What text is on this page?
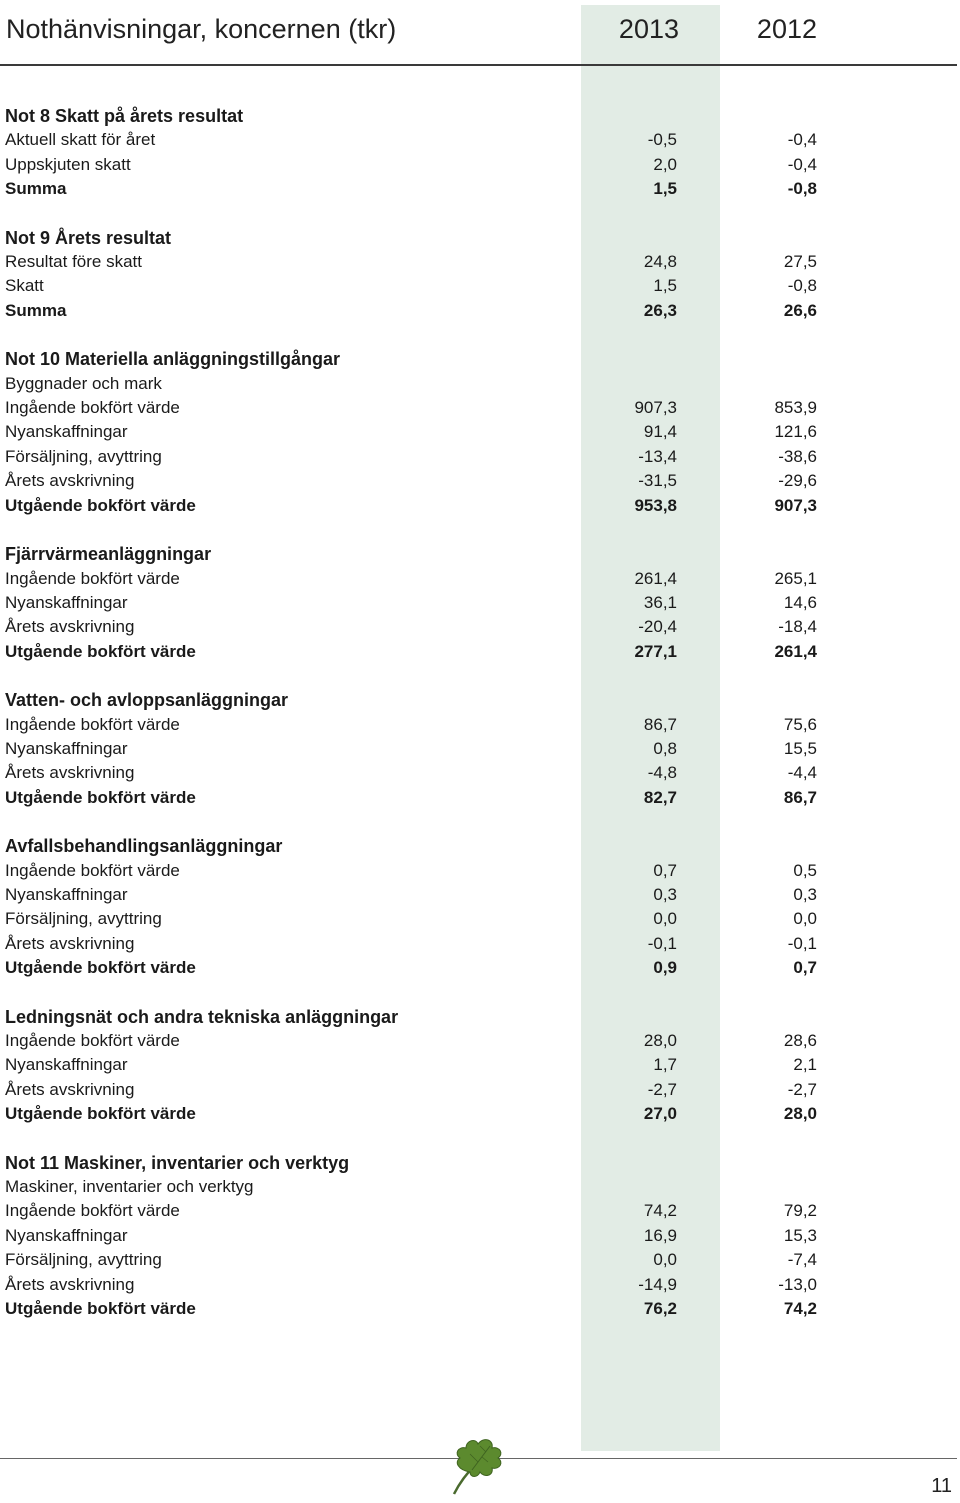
Nothänvisningar, koncernen (tkr)	2013	2012
Not 8 Skatt på årets resultat
Aktuell skatt för året	-0,5	-0,4
Uppskjuten skatt	2,0	-0,4
Summa	1,5	-0,8
Not 9 Årets resultat
Resultat före skatt	24,8	27,5
Skatt	1,5	-0,8
Summa	26,3	26,6
Not 10 Materiella anläggningstillgångar
Byggnader och mark
Ingående bokfört värde	907,3	853,9
Nyanskaffningar	91,4	121,6
Försäljning, avyttring	-13,4	-38,6
Årets avskrivning	-31,5	-29,6
Utgående bokfört värde	953,8	907,3
Fjärrvärmeanläggningar
Ingående bokfört värde	261,4	265,1
Nyanskaffningar	36,1	14,6
Årets avskrivning	-20,4	-18,4
Utgående bokfört värde	277,1	261,4
Vatten- och avloppsanläggningar
Ingående bokfört värde	86,7	75,6
Nyanskaffningar	0,8	15,5
Årets avskrivning	-4,8	-4,4
Utgående bokfört värde	82,7	86,7
Avfallsbehandlingsanläggningar
Ingående bokfört värde	0,7	0,5
Nyanskaffningar	0,3	0,3
Försäljning, avyttring	0,0	0,0
Årets avskrivning	-0,1	-0,1
Utgående bokfört värde	0,9	0,7
Ledningsnät och andra tekniska anläggningar
Ingående bokfört värde	28,0	28,6
Nyanskaffningar	1,7	2,1
Årets avskrivning	-2,7	-2,7
Utgående bokfört värde	27,0	28,0
Not 11 Maskiner, inventarier och verktyg
Maskiner, inventarier och verktyg
Ingående bokfört värde	74,2	79,2
Nyanskaffningar	16,9	15,3
Försäljning, avyttring	0,0	-7,4
Årets avskrivning	-14,9	-13,0
Utgående bokfört värde	76,2	74,2
11
